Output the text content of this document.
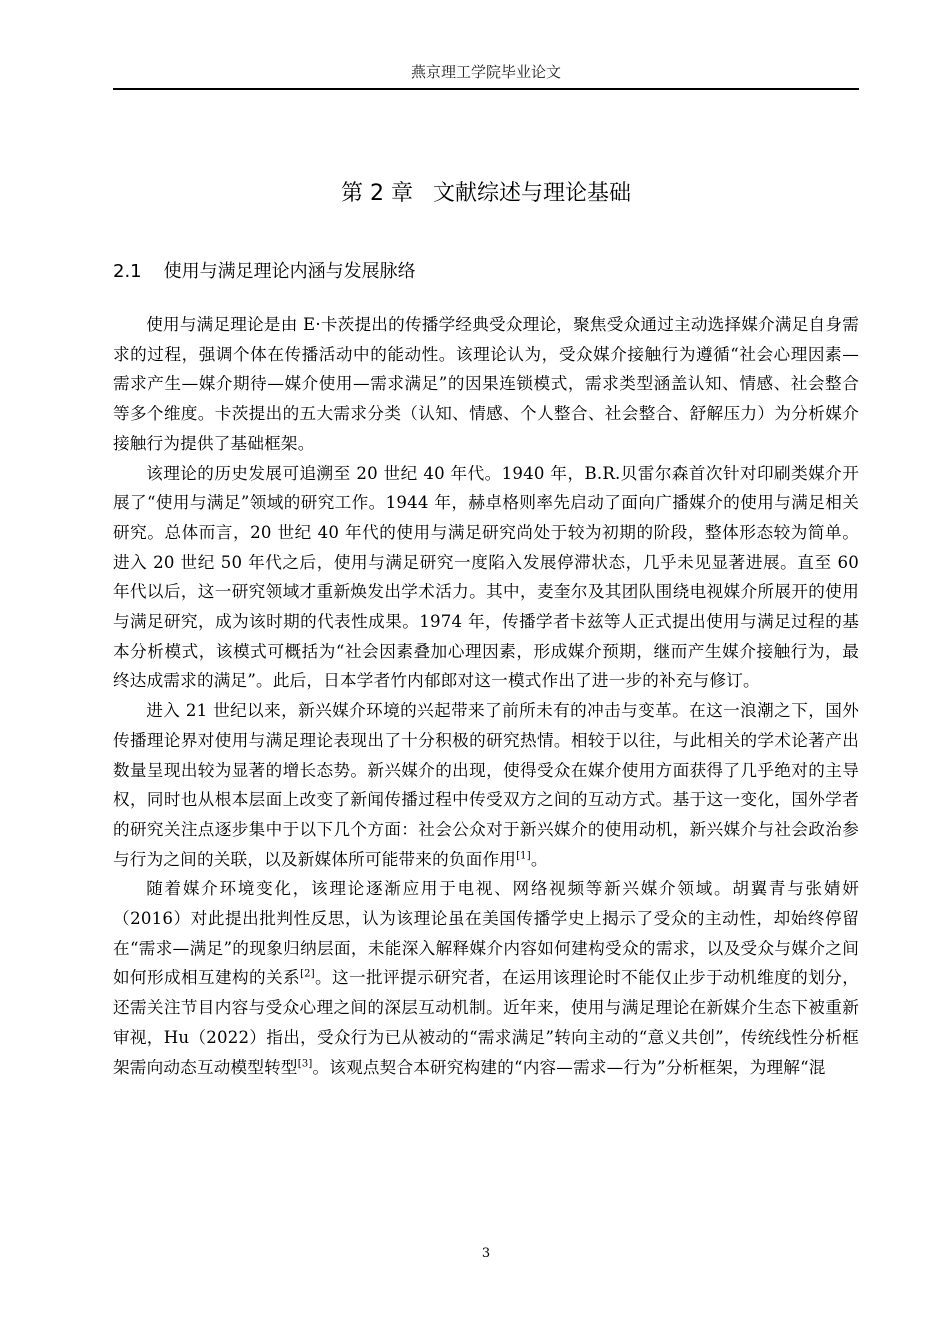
燕京理工学院毕业论文
第 2 章 文献综述与理论基础
2.1 使用与满足理论内涵与发展脉络

使用与满足理论是由 E·卡茨提出的传播学经典受众理论，聚焦受众通过主动选择媒介满足自身需求的过程，强调个体在传播活动中的能动性。该理论认为，受众媒介接触行为遵循“社会心理因素—需求产生—媒介期待—媒介使用—需求满足”的因果连锁模式，需求类型涵盖认知、情感、社会整合等多个维度。卡茨提出的五大需求分类（认知、情感、个人整合、社会整合、舒解压力）为分析媒介接触行为提供了基础框架。

该理论的历史发展可追溯至 20 世纪 40 年代。1940 年，B.R.贝雷尔森首次针对印刷类媒介开展了“使用与满足”领域的研究工作。1944 年，赫卓格则率先启动了面向广播媒介的使用与满足相关研究。总体而言，20 世纪 40 年代的使用与满足研究尚处于较为初期的阶段，整体形态较为简单。进入 20 世纪 50 年代之后，使用与满足研究一度陷入发展停滞状态，几乎未见显著进展。直至 60 年代以后，这一研究领域才重新焕发出学术活力。其中，麦奎尔及其团队围绕电视媒介所展开的使用与满足研究，成为该时期的代表性成果。1974 年，传播学者卡兹等人正式提出使用与满足过程的基本分析模式，该模式可概括为“社会因素叠加心理因素，形成媒介预期，继而产生媒介接触行为，最终达成需求的满足”。此后，日本学者竹内郁郎对这一模式作出了进一步的补充与修订。

进入 21 世纪以来，新兴媒介环境的兴起带来了前所未有的冲击与变革。在这一浪潮之下，国外传播理论界对使用与满足理论表现出了十分积极的研究热情。相较于以往，与此相关的学术论著产出数量呈现出较为显著的增长态势。新兴媒介的出现，使得受众在媒介使用方面获得了几乎绝对的主导权，同时也从根本层面上改变了新闻传播过程中传受双方之间的互动方式。基于这一变化，国外学者的研究关注点逐步集中于以下几个方面：社会公众对于新兴媒介的使用动机，新兴媒介与社会政治参与行为之间的关联，以及新媒体所可能带来的负面作用[1]。

随着媒介环境变化，该理论逐渐应用于电视、网络视频等新兴媒介领域。胡翼青与张婧妍（2016）对此提出批判性反思，认为该理论虽在美国传播学史上揭示了受众的主动性，却始终停留在“需求—满足”的现象归纳层面，未能深入解释媒介内容如何建构受众的需求，以及受众与媒介之间如何形成相互建构的关系[2]。这一批评提示研究者，在运用该理论时不能仅止步于动机维度的划分，还需关注节目内容与受众心理之间的深层互动机制。近年来，使用与满足理论在新媒介生态下被重新审视，Hu（2022）指出，受众行为已从被动的“需求满足”转向主动的“意义共创”，传统线性分析框架需向动态互动模型转型[3]。该观点契合本研究构建的“内容—需求—行为”分析框架，为理解“混

3
